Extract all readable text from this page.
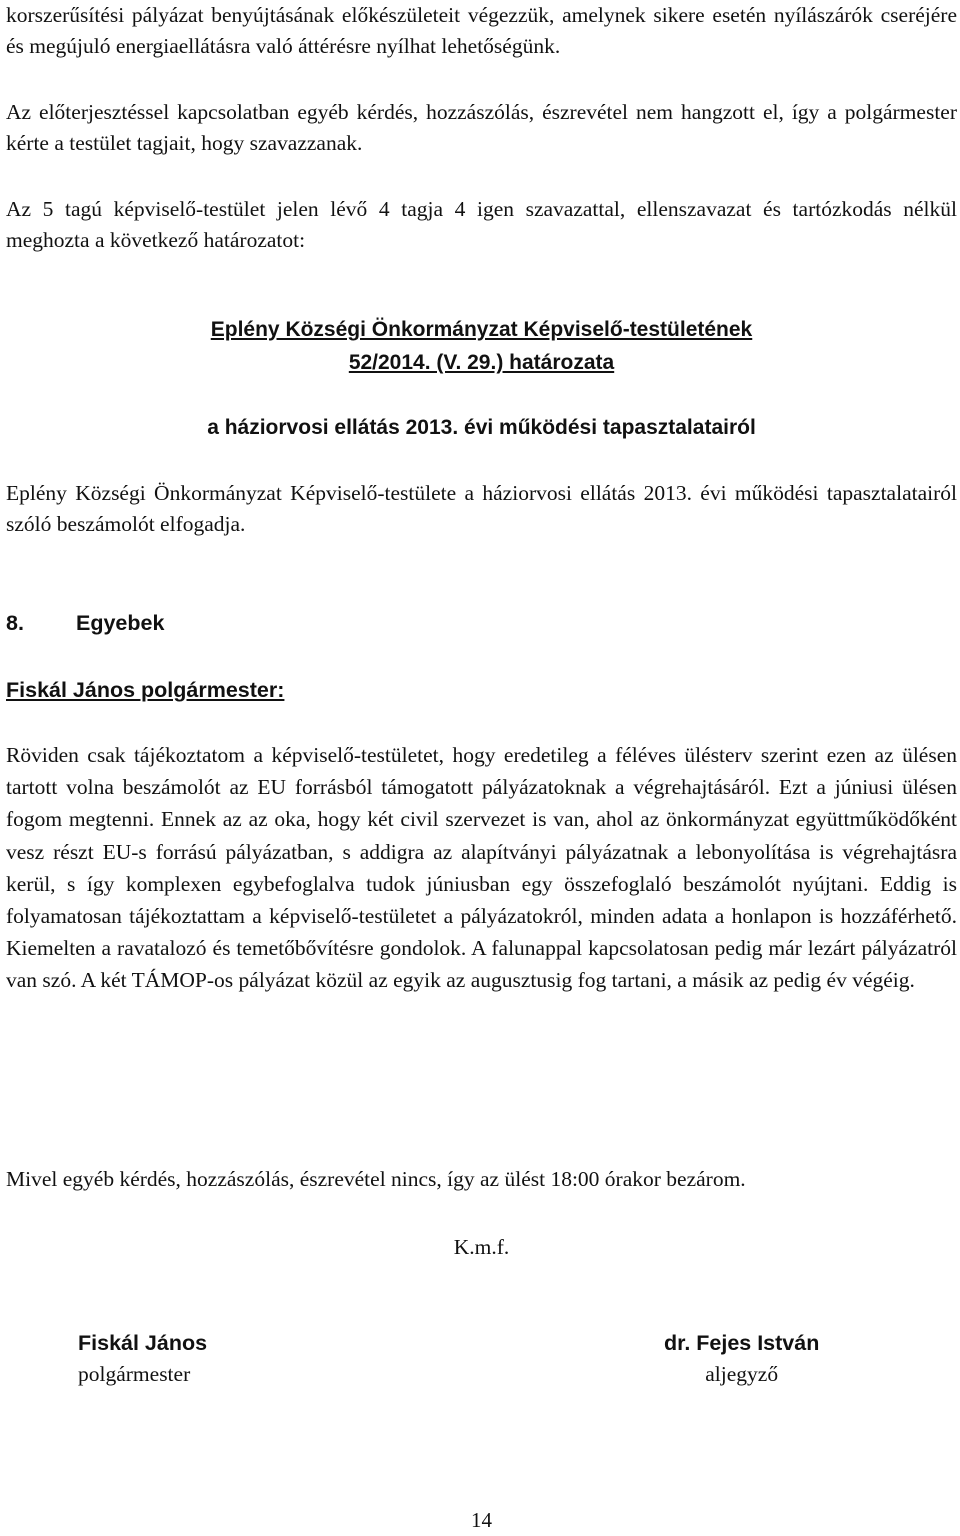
korszerűsítési pályázat benyújtásának előkészületeit végezzük, amelynek sikere esetén nyílászárók cseréjére és megújuló energiaellátásra való áttérésre nyílhat lehetőségünk.

Az előterjesztéssel kapcsolatban egyéb kérdés, hozzászólás, észrevétel nem hangzott el, így a polgármester kérte a testület tagjait, hogy szavazzanak.

Az 5 tagú képviselő-testület jelen lévő 4 tagja 4 igen szavazattal, ellenszavazat és tartózkodás nélkül meghozta a következő határozatot:

Eplény Községi Önkormányzat Képviselő-testületének
52/2014. (V. 29.) határozata
a háziorvosi ellátás 2013. évi működési tapasztalatairól

Eplény Községi Önkormányzat Képviselő-testülete a háziorvosi ellátás 2013. évi működési tapasztalatairól szóló beszámolót elfogadja.

8. Egyebek
Fiskál János polgármester:

Röviden csak tájékoztatom a képviselő-testületet, hogy eredetileg a féléves ülésterv szerint ezen az ülésen tartott volna beszámolót az EU forrásból támogatott pályázatoknak a végrehajtásáról. Ezt a júniusi ülésen fogom megtenni. Ennek az az oka, hogy két civil szervezet is van, ahol az önkormányzat együttműködőként vesz részt EU-s forrású pályázatban, s addigra az alapítványi pályázatnak a lebonyolítása is végrehajtásra kerül, s így komplexen egybefoglalva tudok júniusban egy összefoglaló beszámolót nyújtani. Eddig is folyamatosan tájékoztattam a képviselő-testületet a pályázatokról, minden adata a honlapon is hozzáférhető. Kiemelten a ravatalozó és temetőbővítésre gondolok. A falunappal kapcsolatosan pedig már lezárt pályázatról van szó. A két TÁMOP-os pályázat közül az egyik az augusztusig fog tartani, a másik az pedig év végéig.

Mivel egyéb kérdés, hozzászólás, észrevétel nincs, így az ülést 18:00 órakor bezárom.

K.m.f.
Fiskál János
polgármester
dr. Fejes István
aljegyző
14
